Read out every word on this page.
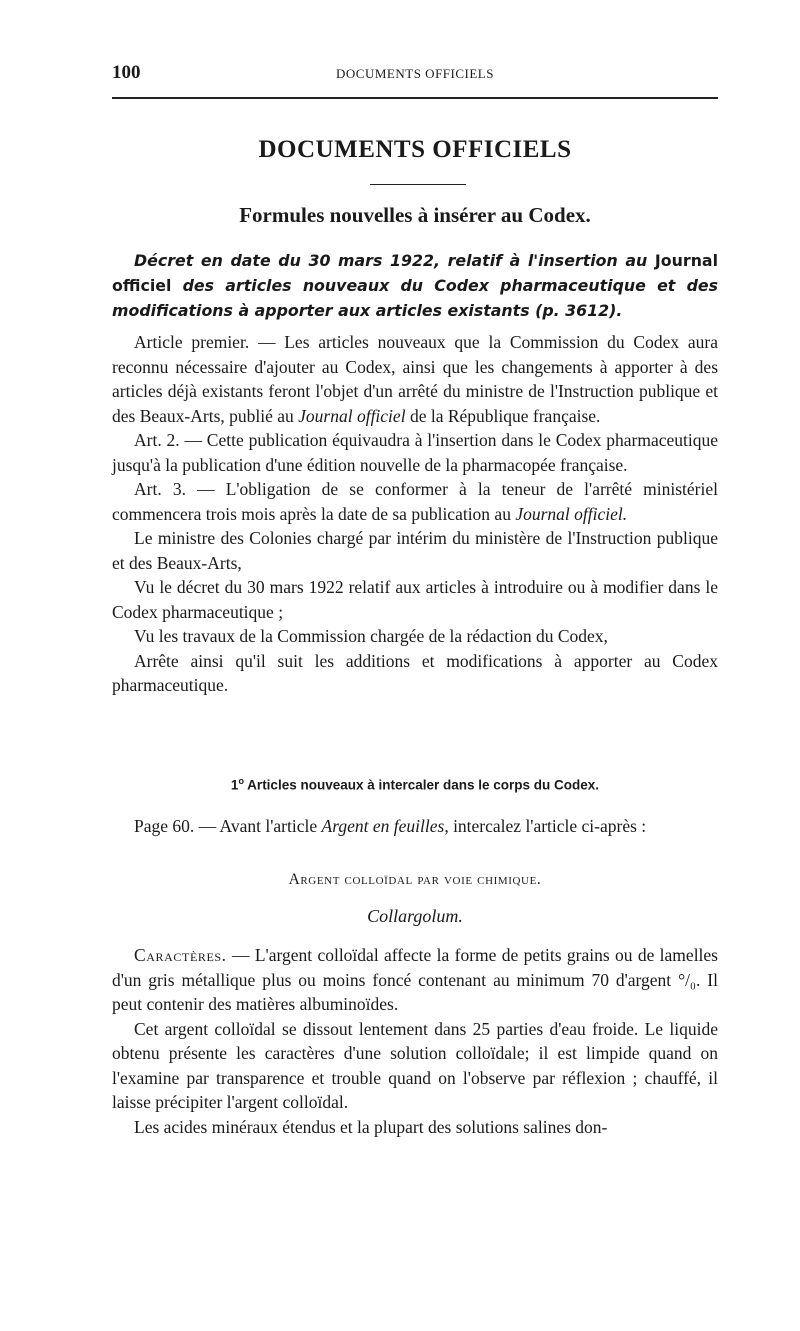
100	DOCUMENTS OFFICIELS
DOCUMENTS OFFICIELS
Formules nouvelles à insérer au Codex.
Décret en date du 30 mars 1922, relatif à l'insertion au Journal officiel des articles nouveaux du Codex pharmaceutique et des modifications à apporter aux articles existants (p. 3612).

Article premier. — Les articles nouveaux que la Commission du Codex aura reconnu nécessaire d'ajouter au Codex, ainsi que les changements à apporter à des articles déjà existants feront l'objet d'un arrêté du ministre de l'Instruction publique et des Beaux-Arts, publié au Journal officiel de la République française.

Art. 2. — Cette publication équivaudra à l'insertion dans le Codex pharmaceutique jusqu'à la publication d'une édition nouvelle de la pharmacopée française.

Art. 3. — L'obligation de se conformer à la teneur de l'arrêté ministériel commencera trois mois après la date de sa publication au Journal officiel.

Le ministre des Colonies chargé par intérim du ministère de l'Instruction publique et des Beaux-Arts,

Vu le décret du 30 mars 1922 relatif aux articles à introduire ou à modifier dans le Codex pharmaceutique ;

Vu les travaux de la Commission chargée de la rédaction du Codex,

Arrête ainsi qu'il suit les additions et modifications à apporter au Codex pharmaceutique.

1$^o$ Articles nouveaux à intercaler dans le corps du Codex.

Page 60. — Avant l'article Argent en feuilles, intercalez l'article ci-après :

Argent colloïdal par voie chimique.
Collargolum.

Caractères. — L'argent colloïdal affecte la forme de petits grains ou de lamelles d'un gris métallique plus ou moins foncé contenant au minimum 70 d'argent °/₀. Il peut contenir des matières albuminoïdes.

Cet argent colloïdal se dissout lentement dans 25 parties d'eau froide. Le liquide obtenu présente les caractères d'une solution colloïdale; il est limpide quand on l'examine par transparence et trouble quand on l'observe par réflexion ; chauffé, il laisse précipiter l'argent colloïdal.

Les acides minéraux étendus et la plupart des solutions salines don-
